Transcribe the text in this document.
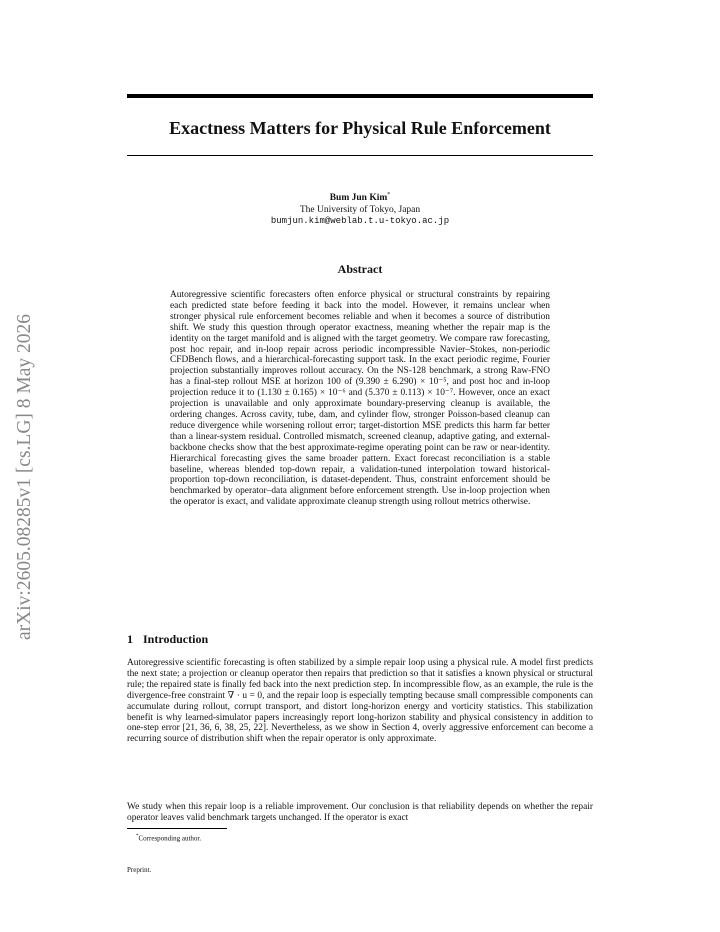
arXiv:2605.08285v1 [cs.LG] 8 May 2026
Exactness Matters for Physical Rule Enforcement
Bum Jun Kim*
The University of Tokyo, Japan
bumjun.kim@weblab.t.u-tokyo.ac.jp
Abstract

Autoregressive scientific forecasters often enforce physical or structural constraints by repairing each predicted state before feeding it back into the model. However, it remains unclear when stronger physical rule enforcement becomes reliable and when it becomes a source of distribution shift. We study this question through operator exactness, meaning whether the repair map is the identity on the target manifold and is aligned with the target geometry. We compare raw forecasting, post hoc repair, and in-loop repair across periodic incompressible Navier–Stokes, non-periodic CFDBench flows, and a hierarchical-forecasting support task. In the exact periodic regime, Fourier projection substantially improves rollout accuracy. On the NS-128 benchmark, a strong Raw-FNO has a final-step rollout MSE at horizon 100 of (9.390 ± 6.290) × 10⁻⁵, and post hoc and in-loop projection reduce it to (1.130 ± 0.165) × 10⁻⁶ and (5.370 ± 0.113) × 10⁻⁷. However, once an exact projection is unavailable and only approximate boundary-preserving cleanup is available, the ordering changes. Across cavity, tube, dam, and cylinder flow, stronger Poisson-based cleanup can reduce divergence while worsening rollout error; target-distortion MSE predicts this harm far better than a linear-system residual. Controlled mismatch, screened cleanup, adaptive gating, and external-backbone checks show that the best approximate-regime operating point can be raw or near-identity. Hierarchical forecasting gives the same broader pattern. Exact forecast reconciliation is a stable baseline, whereas blended top-down repair, a validation-tuned interpolation toward historical-proportion top-down reconciliation, is dataset-dependent. Thus, constraint enforcement should be benchmarked by operator–data alignment before enforcement strength. Use in-loop projection when the operator is exact, and validate approximate cleanup strength using rollout metrics otherwise.

1 Introduction

Autoregressive scientific forecasting is often stabilized by a simple repair loop using a physical rule. A model first predicts the next state; a projection or cleanup operator then repairs that prediction so that it satisfies a known physical or structural rule; the repaired state is finally fed back into the next prediction step. In incompressible flow, as an example, the rule is the divergence-free constraint ∇ · u = 0, and the repair loop is especially tempting because small compressible components can accumulate during rollout, corrupt transport, and distort long-horizon energy and vorticity statistics. This stabilization benefit is why learned-simulator papers increasingly report long-horizon stability and physical consistency in addition to one-step error [21, 36, 6, 38, 25, 22]. Nevertheless, as we show in Section 4, overly aggressive enforcement can become a recurring source of distribution shift when the repair operator is only approximate.

We study when this repair loop is a reliable improvement. Our conclusion is that reliability depends on whether the repair operator leaves valid benchmark targets unchanged. If the operator is exact

*Corresponding author.
Preprint.
